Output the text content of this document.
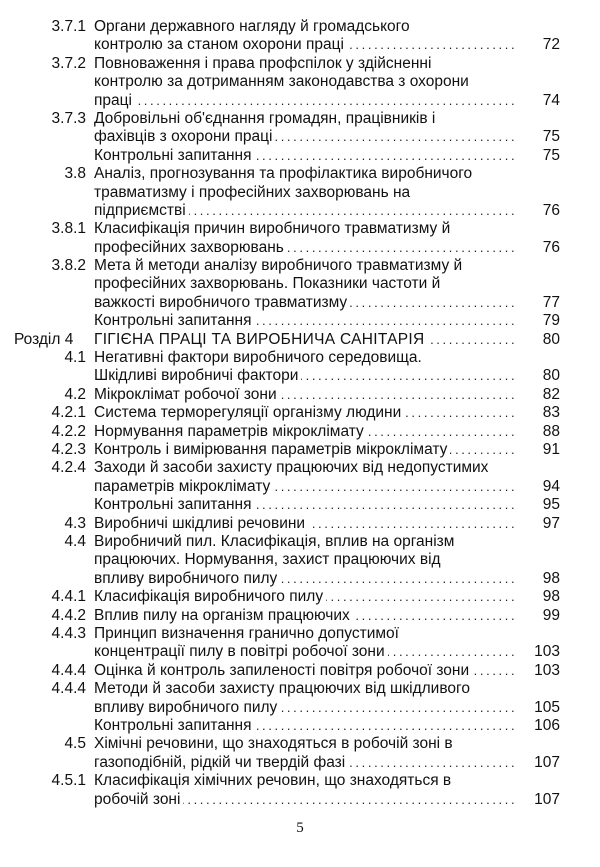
3.7.1 Органи державного нагляду й громадського
. . . контролю за станом охорони праці	72
3.7.2 Повноваження і права профспілок у здійсненні
контролю за дотриманням законодавства з охорони
. . . праці	74
3.7.3 Добровільні об'єднання громадян, працівників і
. . . фахівців з охорони праці	75
. . . Контрольні запитання	75
3.8 Аналіз, прогнозування та профілактика виробничого
травматизму і професійних захворювань на
. . . підприємстві	76
3.8.1 Класифікація причин виробничого травматизму й
. . . професійних захворювань	76
3.8.2 Мета й методи аналізу виробничого травматизму й
професійних захворювань. Показники частоти й
. . . важкості виробничого травматизму	77
. . . Контрольні запитання	79
Розділ 4	. . . ГІГІЄНА ПРАЦІ ТА ВИРОБНИЧА САНІТАРІЯ	80
4.1 Негативні фактори виробничого середовища.
. . . Шкідливі виробничі фактори	80
4.2 . . . Мікроклімат робочої зони	82
4.2.1 . . . Система терморегуляції організму людини	83
4.2.2 . . . Нормування параметрів мікроклімату	88
4.2.3 . . . Контроль і вимірювання параметрів мікроклімату	91
4.2.4 Заходи й засоби захисту працюючих від недопустимих
. . . параметрів мікроклімату	94
. . . Контрольні запитання	95
4.3 . . . Виробничі шкідливі речовини	97
4.4 Виробничий пил. Класифікація, вплив на організм
працюючих. Нормування, захист працюючих від
. . . впливу виробничого пилу	98
4.4.1 . . . Класифікація виробничого пилу	98
4.4.2 . . . Вплив пилу на організм працюючих	99
4.4.3 Принцип визначення гранично допустимої
. . . концентрації пилу в повітрі робочої зони	103
4.4.4 . . . Оцінка й контроль запиленості повітря робочої зони	103
4.4.4 Методи й засоби захисту працюючих від шкідливого
. . . впливу виробничого пилу	105
. . . Контрольні запитання	106
4.5 Хімічні речовини, що знаходяться в робочій зоні в
. . . газоподібній, рідкій чи твердій фазі	107
4.5.1 Класифікація хімічних речовин, що знаходяться в
. . . робочій зоні	107
5
